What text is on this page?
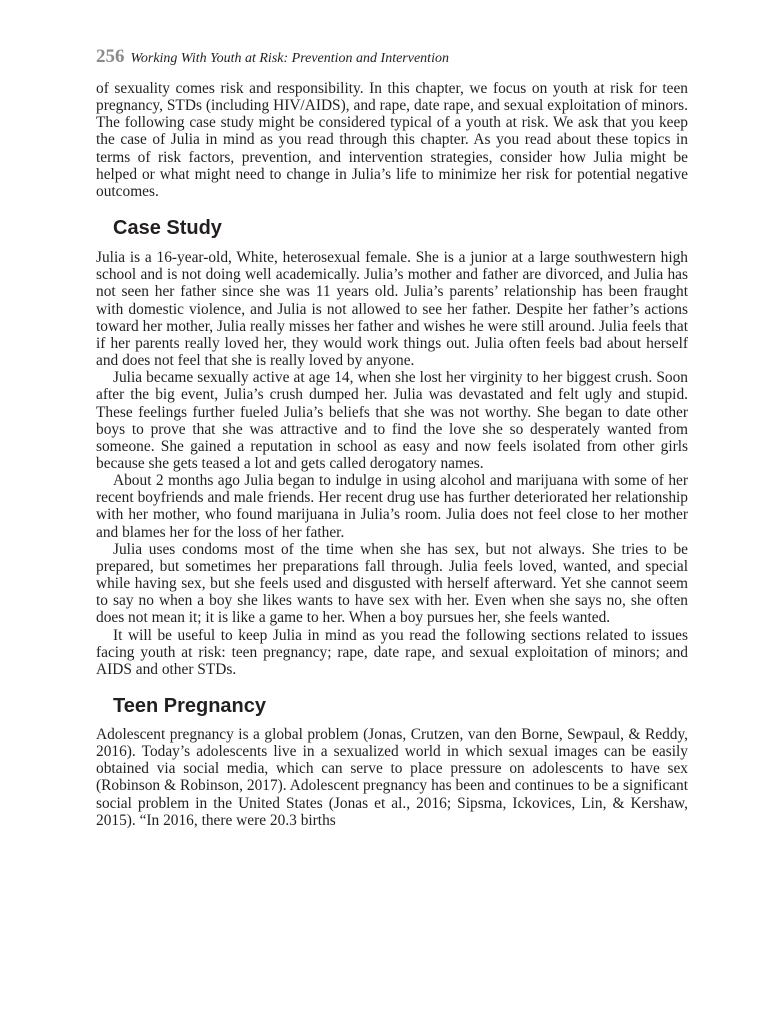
256 Working With Youth at Risk: Prevention and Intervention

of sexuality comes risk and responsibility. In this chapter, we focus on youth at risk for teen pregnancy, STDs (including HIV/AIDS), and rape, date rape, and sexual exploitation of minors. The following case study might be considered typical of a youth at risk. We ask that you keep the case of Julia in mind as you read through this chapter. As you read about these topics in terms of risk factors, prevention, and intervention strategies, consider how Julia might be helped or what might need to change in Julia’s life to minimize her risk for potential negative outcomes.

Case Study

Julia is a 16-year-old, White, heterosexual female. She is a junior at a large southwestern high school and is not doing well academically. Julia’s mother and father are divorced, and Julia has not seen her father since she was 11 years old. Julia’s parents’ relationship has been fraught with domestic violence, and Julia is not allowed to see her father. Despite her father’s actions toward her mother, Julia really misses her father and wishes he were still around. Julia feels that if her parents really loved her, they would work things out. Julia often feels bad about herself and does not feel that she is really loved by anyone.

Julia became sexually active at age 14, when she lost her virginity to her biggest crush. Soon after the big event, Julia’s crush dumped her. Julia was devastated and felt ugly and stupid. These feelings further fueled Julia’s beliefs that she was not worthy. She began to date other boys to prove that she was attractive and to find the love she so desperately wanted from someone. She gained a reputation in school as easy and now feels isolated from other girls because she gets teased a lot and gets called derogatory names.

About 2 months ago Julia began to indulge in using alcohol and marijuana with some of her recent boyfriends and male friends. Her recent drug use has further deteriorated her relationship with her mother, who found marijuana in Julia’s room. Julia does not feel close to her mother and blames her for the loss of her father.

Julia uses condoms most of the time when she has sex, but not always. She tries to be prepared, but sometimes her preparations fall through. Julia feels loved, wanted, and special while having sex, but she feels used and disgusted with herself afterward. Yet she cannot seem to say no when a boy she likes wants to have sex with her. Even when she says no, she often does not mean it; it is like a game to her. When a boy pursues her, she feels wanted.

It will be useful to keep Julia in mind as you read the following sections related to issues facing youth at risk: teen pregnancy; rape, date rape, and sexual exploitation of minors; and AIDS and other STDs.

Teen Pregnancy

Adolescent pregnancy is a global problem (Jonas, Crutzen, van den Borne, Sewpaul, & Reddy, 2016). Today’s adolescents live in a sexualized world in which sexual images can be easily obtained via social media, which can serve to place pressure on adolescents to have sex (Robinson & Robinson, 2017). Adolescent pregnancy has been and continues to be a significant social problem in the United States (Jonas et al., 2016; Sipsma, Ickovices, Lin, & Kershaw, 2015). “In 2016, there were 20.3 births
